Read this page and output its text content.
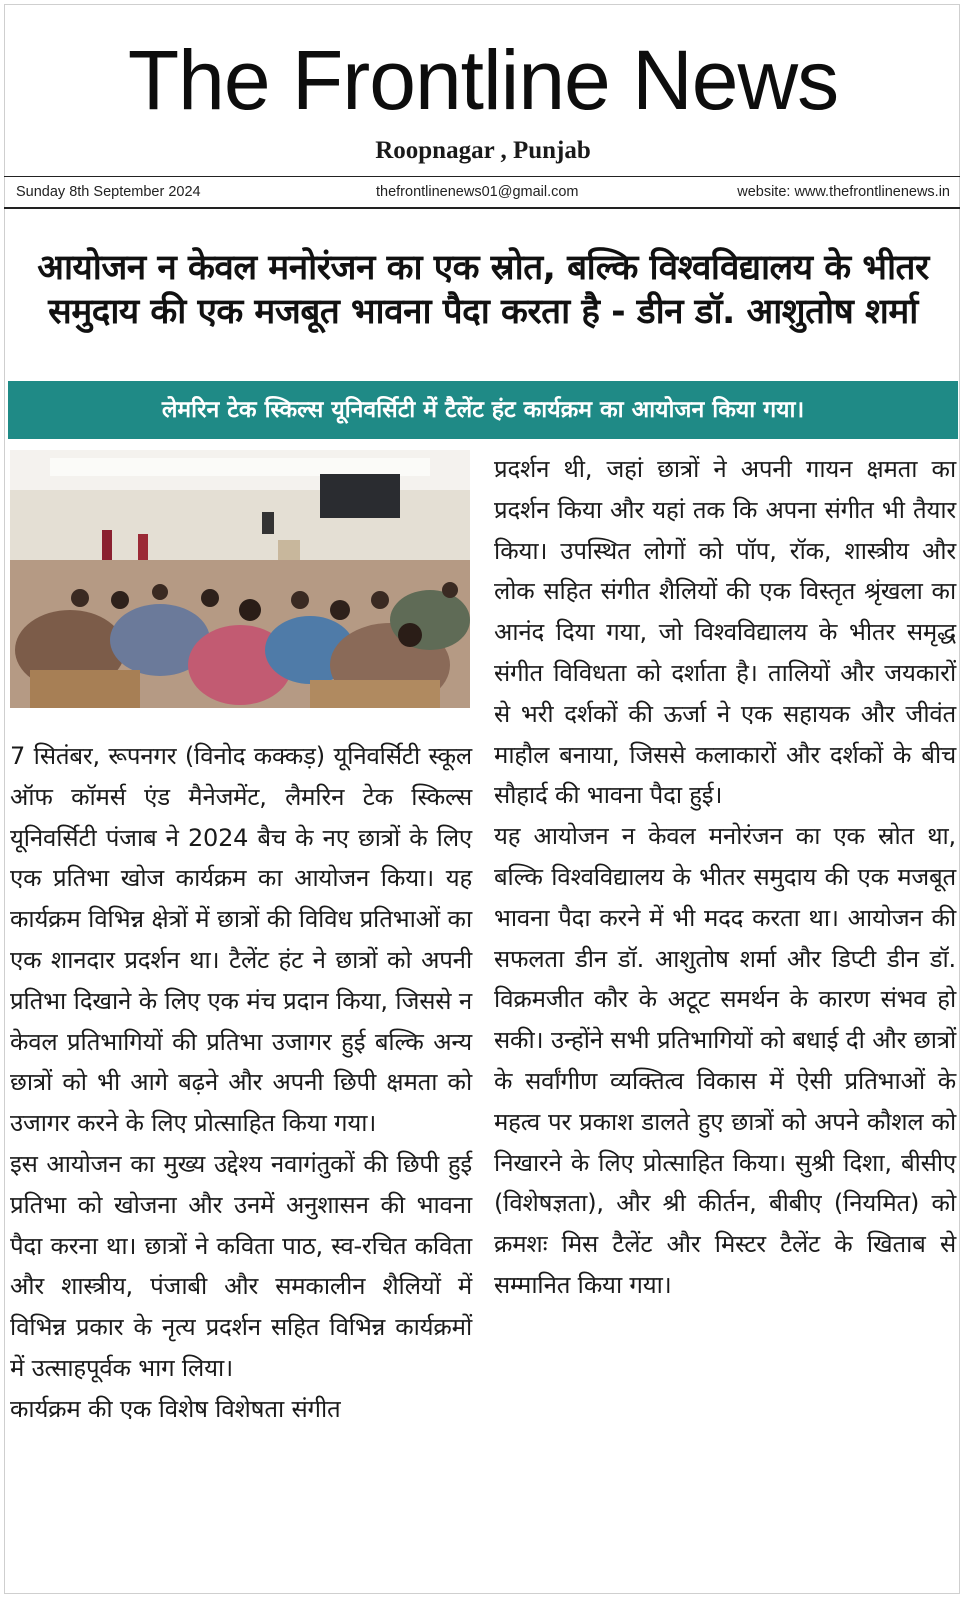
The Frontline News
Roopnagar , Punjab
Sunday 8th September 2024	thefrontlinenews01@gmail.com	website: www.thefrontlinenews.in
आयोजन न केवल मनोरंजन का एक स्रोत, बल्कि विश्वविद्यालय के भीतर समुदाय की एक मजबूत भावना पैदा करता है - डीन डॉ. आशुतोष शर्मा
लेमरिन टेक स्किल्स यूनिवर्सिटी में टैलेंट हंट कार्यक्रम का आयोजन किया गया।

7 सितंबर, रूपनगर (विनोद कक्कड़) यूनिवर्सिटी स्कूल ऑफ कॉमर्स एंड मैनेजमेंट, लैमरिन टेक स्किल्स यूनिवर्सिटी पंजाब ने 2024 बैच के नए छात्रों के लिए एक प्रतिभा खोज कार्यक्रम का आयोजन किया। यह कार्यक्रम विभिन्न क्षेत्रों में छात्रों की विविध प्रतिभाओं का एक शानदार प्रदर्शन था। टैलेंट हंट ने छात्रों को अपनी प्रतिभा दिखाने के लिए एक मंच प्रदान किया, जिससे न केवल प्रतिभागियों की प्रतिभा उजागर हुई बल्कि अन्य छात्रों को भी आगे बढ़ने और अपनी छिपी क्षमता को उजागर करने के लिए प्रोत्साहित किया गया।

इस आयोजन का मुख्य उद्देश्य नवागंतुकों की छिपी हुई प्रतिभा को खोजना और उनमें अनुशासन की भावना पैदा करना था। छात्रों ने कविता पाठ, स्व-रचित कविता और शास्त्रीय, पंजाबी और समकालीन शैलियों में विभिन्न प्रकार के नृत्य प्रदर्शन सहित विभिन्न कार्यक्रमों में उत्साहपूर्वक भाग लिया।

कार्यक्रम की एक विशेष विशेषता संगीत

प्रदर्शन थी, जहां छात्रों ने अपनी गायन क्षमता का प्रदर्शन किया और यहां तक कि अपना संगीत भी तैयार किया। उपस्थित लोगों को पॉप, रॉक, शास्त्रीय और लोक सहित संगीत शैलियों की एक विस्तृत श्रृंखला का आनंद दिया गया, जो विश्वविद्यालय के भीतर समृद्ध संगीत विविधता को दर्शाता है। तालियों और जयकारों से भरी दर्शकों की ऊर्जा ने एक सहायक और जीवंत माहौल बनाया, जिससे कलाकारों और दर्शकों के बीच सौहार्द की भावना पैदा हुई।

यह आयोजन न केवल मनोरंजन का एक स्रोत था, बल्कि विश्वविद्यालय के भीतर समुदाय की एक मजबूत भावना पैदा करने में भी मदद करता था। आयोजन की सफलता डीन डॉ. आशुतोष शर्मा और डिप्टी डीन डॉ. विक्रमजीत कौर के अटूट समर्थन के कारण संभव हो सकी। उन्होंने सभी प्रतिभागियों को बधाई दी और छात्रों के सर्वांगीण व्यक्तित्व विकास में ऐसी प्रतिभाओं के महत्व पर प्रकाश डालते हुए छात्रों को अपने कौशल को निखारने के लिए प्रोत्साहित किया। सुश्री दिशा, बीसीए (विशेषज्ञता), और श्री कीर्तन, बीबीए (नियमित) को क्रमशः मिस टैलेंट और मिस्टर टैलेंट के खिताब से सम्मानित किया गया।
